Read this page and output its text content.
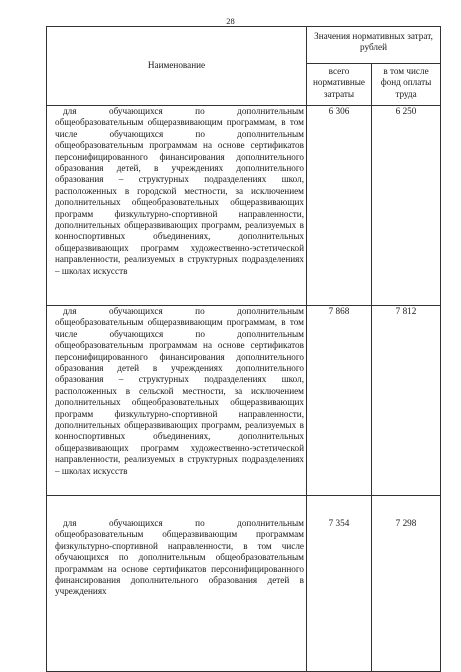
28
Наименование	Значения нормативных затрат, рублей	
	всего нормативные затраты	в том числе фонд оплаты труда
для обучающихся по дополнительным общеобразовательным общеразвивающим программам, в том числе обучающихся по дополнительным общеобразовательным программам на основе сертификатов персонифицированного финансирования дополнительного образования детей, в учреждениях дополнительного образования – структурных подразделениях школ, расположенных в городской местности, за исключением дополнительных общеобразовательных общеразвивающих программ физкультурно-спортивной направленности, дополнительных общеразвивающих программ, реализуемых в конноспортивных объединениях, дополнительных общеразвивающих программ художественно-эстетической направленности, реализуемых в структурных подразделениях – школах искусств	6 306	6 250
для обучающихся по дополнительным общеобразовательным общеразвивающим программам, в том числе обучающихся по дополнительным общеобразовательным программам на основе сертификатов персонифицированного финансирования дополнительного образования детей в учреждениях дополнительного образования – структурных подразделениях школ, расположенных в сельской местности, за исключением дополнительных общеобразовательных общеразвивающих программ физкультурно-спортивной направленности, дополнительных общеразвивающих программ, реализуемых в конноспортивных объединениях, дополнительных общеразвивающих программ художественно-эстетической направленности, реализуемых в структурных подразделениях – школах искусств	7 868	7 812
для обучающихся по дополнительным общеобразовательным общеразвивающим программам физкультурно-спортивной направленности, в том числе обучающихся по дополнительным общеобразовательным программам на основе сертификатов персонифицированного финансирования дополнительного образования детей в учреждениях	7 354	7 298
